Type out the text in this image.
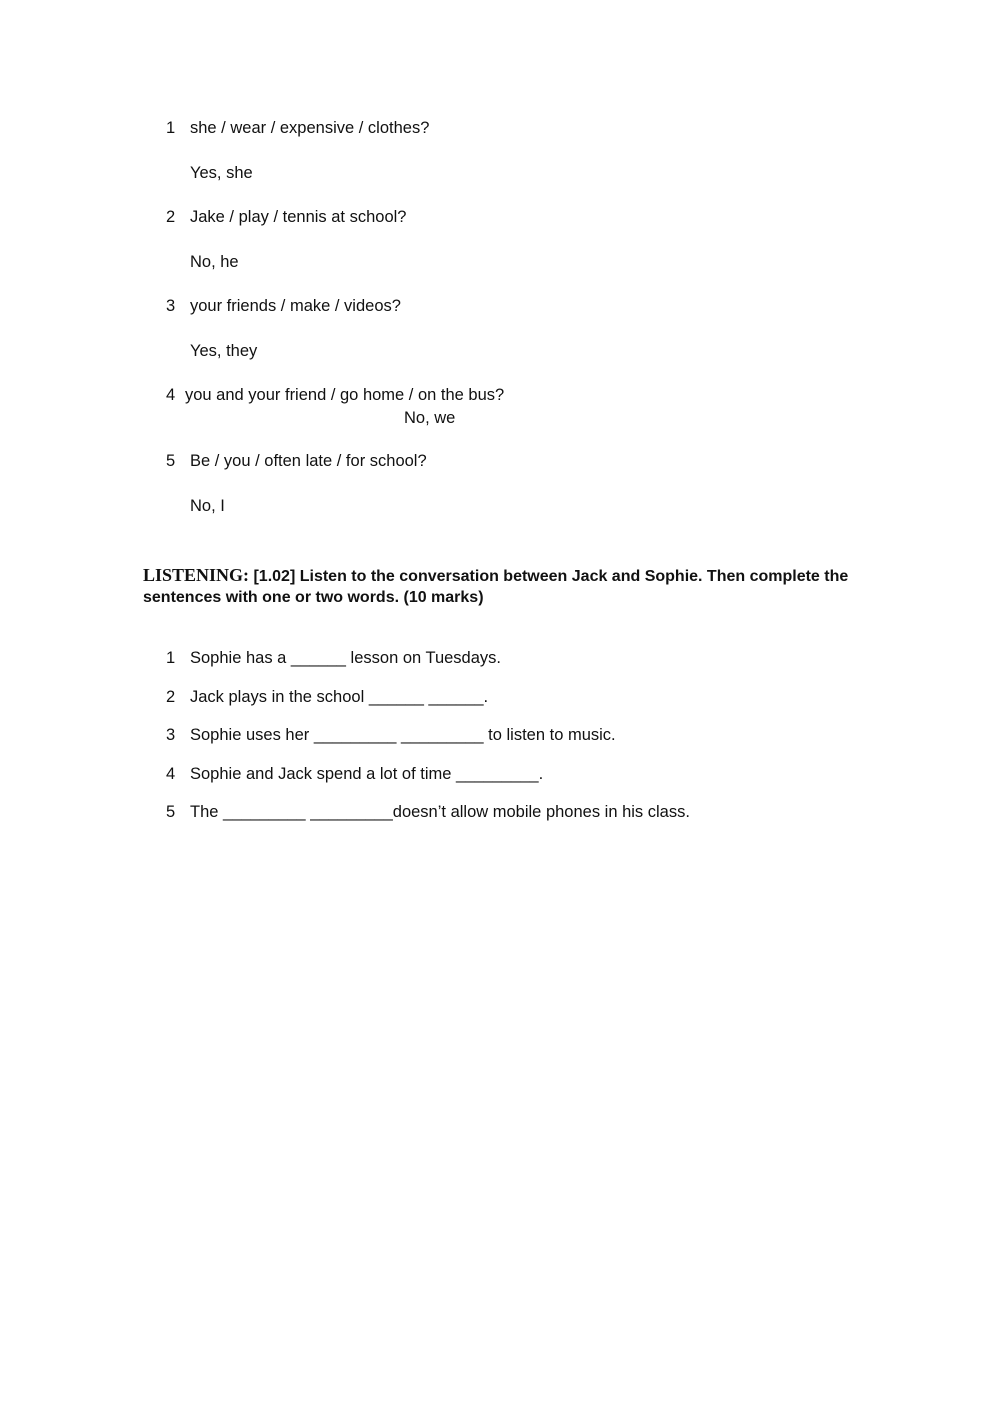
1 she / wear / expensive / clothes?
Yes, she
2 Jake / play / tennis at school?
No, he
3 your friends / make / videos?
Yes, they
4 you and your friend / go home / on the bus?
No, we
5 Be / you / often late / for school?
No, I
LISTENING: [1.02] Listen to the conversation between Jack and Sophie. Then complete the sentences with one or two words. (10 marks)
1 Sophie has a ______ lesson on Tuesdays.
2 Jack plays in the school ______ ______.
3 Sophie uses her _________ _________ to listen to music.
4 Sophie and Jack spend a lot of time _________.
5 The _________ _________doesn’t allow mobile phones in his class.
